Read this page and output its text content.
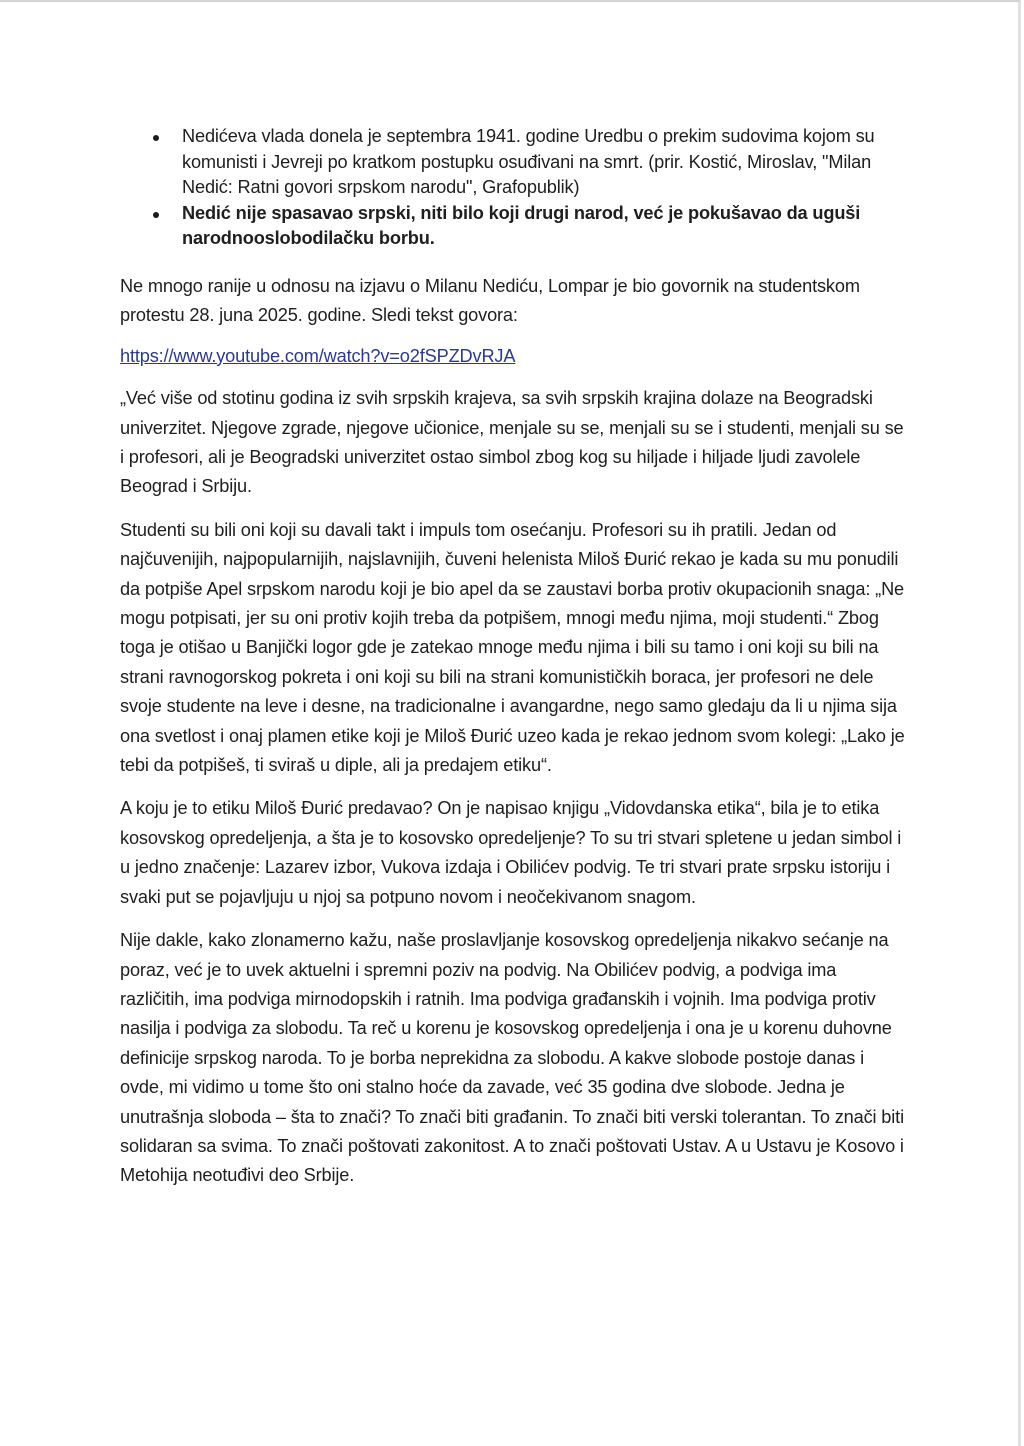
Nedićeva vlada donela je septembra 1941. godine Uredbu o prekim sudovima kojom su komunisti i Jevreji po kratkom postupku osuđivani na smrt. (prir. Kostić, Miroslav, "Milan Nedić: Ratni govori srpskom narodu", Grafopublik)
Nedić nije spasavao srpski, niti bilo koji drugi narod, već je pokušavao da uguši narodnooslobodilačku borbu.

Ne mnogo ranije u odnosu na izjavu o Milanu Nediću, Lompar je bio govornik na studentskom protestu 28. juna 2025. godine. Sledi tekst govora:

https://www.youtube.com/watch?v=o2fSPZDvRJA

„Već više od stotinu godina iz svih srpskih krajeva, sa svih srpskih krajina dolaze na Beogradski univerzitet. Njegove zgrade, njegove učionice, menjale su se, menjali su se i studenti, menjali su se i profesori, ali je Beogradski univerzitet ostao simbol zbog kog su hiljade i hiljade ljudi zavolele Beograd i Srbiju.

Studenti su bili oni koji su davali takt i impuls tom osećanju. Profesori su ih pratili. Jedan od najčuvenijih, najpopularnijih, najslavnijih, čuveni helenista Miloš Đurić rekao je kada su mu ponudili da potpiše Apel srpskom narodu koji je bio apel da se zaustavi borba protiv okupacionih snaga: „Ne mogu potpisati, jer su oni protiv kojih treba da potpišem, mnogi među njima, moji studenti.“ Zbog toga je otišao u Banjički logor gde je zatekao mnoge među njima i bili su tamo i oni koji su bili na strani ravnogorskog pokreta i oni koji su bili na strani komunističkih boraca, jer profesori ne dele svoje studente na leve i desne, na tradicionalne i avangardne, nego samo gledaju da li u njima sija ona svetlost i onaj plamen etike koji je Miloš Đurić uzeo kada je rekao jednom svom kolegi: „Lako je tebi da potpišeš, ti sviraš u diple, ali ja predajem etiku“.

A koju je to etiku Miloš Đurić predavao? On je napisao knjigu „Vidovdanska etika“, bila je to etika kosovskog opredeljenja, a šta je to kosovsko opredeljenje? To su tri stvari spletene u jedan simbol i u jedno značenje: Lazarev izbor, Vukova izdaja i Obilićev podvig. Te tri stvari prate srpsku istoriju i svaki put se pojavljuju u njoj sa potpuno novom i neočekivanom snagom.

Nije dakle, kako zlonamerno kažu, naše proslavljanje kosovskog opredeljenja nikakvo sećanje na poraz, već je to uvek aktuelni i spremni poziv na podvig. Na Obilićev podvig, a podviga ima različitih, ima podviga mirnodopskih i ratnih. Ima podviga građanskih i vojnih. Ima podviga protiv nasilja i podviga za slobodu. Ta reč u korenu je kosovskog opredeljenja i ona je u korenu duhovne definicije srpskog naroda. To je borba neprekidna za slobodu. A kakve slobode postoje danas i ovde, mi vidimo u tome što oni stalno hoće da zavade, već 35 godina dve slobode. Jedna je unutrašnja sloboda – šta to znači? To znači biti građanin. To znači biti verski tolerantan. To znači biti solidaran sa svima. To znači poštovati zakonitost. A to znači poštovati Ustav. A u Ustavu je Kosovo i Metohija neotuđivi deo Srbije.
